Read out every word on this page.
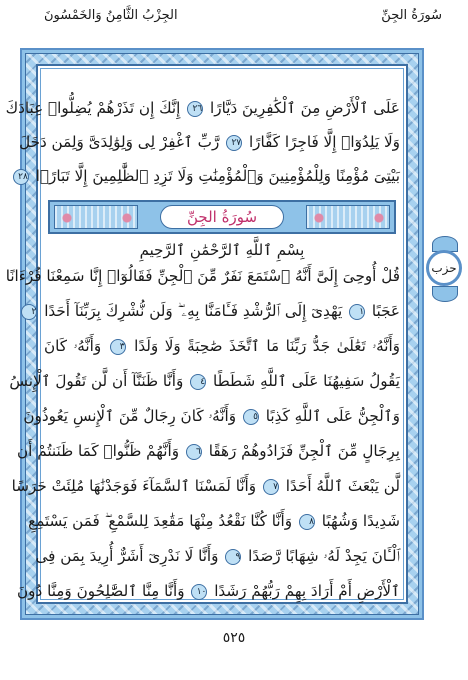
سُورَةُ الجِنِّ
الجِزْبُ الثَّامِنُ وَالخَمْسُونَ
حزب
عَلَى ٱلْأَرْضِ مِنَ ٱلْكَٰفِرِينَ دَيَّارًا ٢٦ إِنَّكَ إِن تَذَرْهُمْ يُضِلُّوا۟ عِبَادَكَ
وَلَا يَلِدُوٓا۟ إِلَّا فَاجِرًا كَفَّارًا ٢٧ رَّبِّ ٱغْفِرْ لِى وَلِوَٰلِدَىَّ وَلِمَن دَخَلَ
بَيْتِىَ مُؤْمِنًا وَلِلْمُؤْمِنِينَ وَٱلْمُؤْمِنَٰتِ وَلَا تَزِدِ ٱلظَّٰلِمِينَ إِلَّا تَبَارًۢا ٢٨
سُورَةُ الجِنِّ
بِسْمِ ٱللَّهِ ٱلرَّحْمَٰنِ ٱلرَّحِيمِ
قُلْ أُوحِىَ إِلَىَّ أَنَّهُ ٱسْتَمَعَ نَفَرٌ مِّنَ ٱلْجِنِّ فَقَالُوٓا۟ إِنَّا سَمِعْنَا قُرْءَانًا
عَجَبًا ١ يَهْدِىٓ إِلَى ٱلرُّشْدِ فَـَٔامَنَّا بِهِۦ ۖ وَلَن نُّشْرِكَ بِرَبِّنَآ أَحَدًا ٢
وَأَنَّهُۥ تَعَٰلَىٰ جَدُّ رَبِّنَا مَا ٱتَّخَذَ صَٰحِبَةً وَلَا وَلَدًا ٣ وَأَنَّهُۥ كَانَ
يَقُولُ سَفِيهُنَا عَلَى ٱللَّهِ شَطَطًا ٤ وَأَنَّا ظَنَنَّآ أَن لَّن تَقُولَ ٱلْإِنسُ
وَٱلْجِنُّ عَلَى ٱللَّهِ كَذِبًا ٥ وَأَنَّهُۥ كَانَ رِجَالٌ مِّنَ ٱلْإِنسِ يَعُوذُونَ
بِرِجَالٍ مِّنَ ٱلْجِنِّ فَزَادُوهُمْ رَهَقًا ٦ وَأَنَّهُمْ ظَنُّوا۟ كَمَا ظَنَنتُمْ أَن
لَّن يَبْعَثَ ٱللَّهُ أَحَدًا ٧ وَأَنَّا لَمَسْنَا ٱلسَّمَآءَ فَوَجَدْنَٰهَا مُلِئَتْ حَرَسًا
شَدِيدًا وَشُهُبًا ٨ وَأَنَّا كُنَّا نَقْعُدُ مِنْهَا مَقَٰعِدَ لِلسَّمْعِ ۖ فَمَن يَسْتَمِعِ
ٱلْـَٔانَ يَجِدْ لَهُۥ شِهَابًا رَّصَدًا ٩ وَأَنَّا لَا نَدْرِىٓ أَشَرٌّ أُرِيدَ بِمَن فِى
ٱلْأَرْضِ أَمْ أَرَادَ بِهِمْ رَبُّهُمْ رَشَدًا ١٠ وَأَنَّا مِنَّا ٱلصَّٰلِحُونَ وَمِنَّا دُونَ
٥٢٥
